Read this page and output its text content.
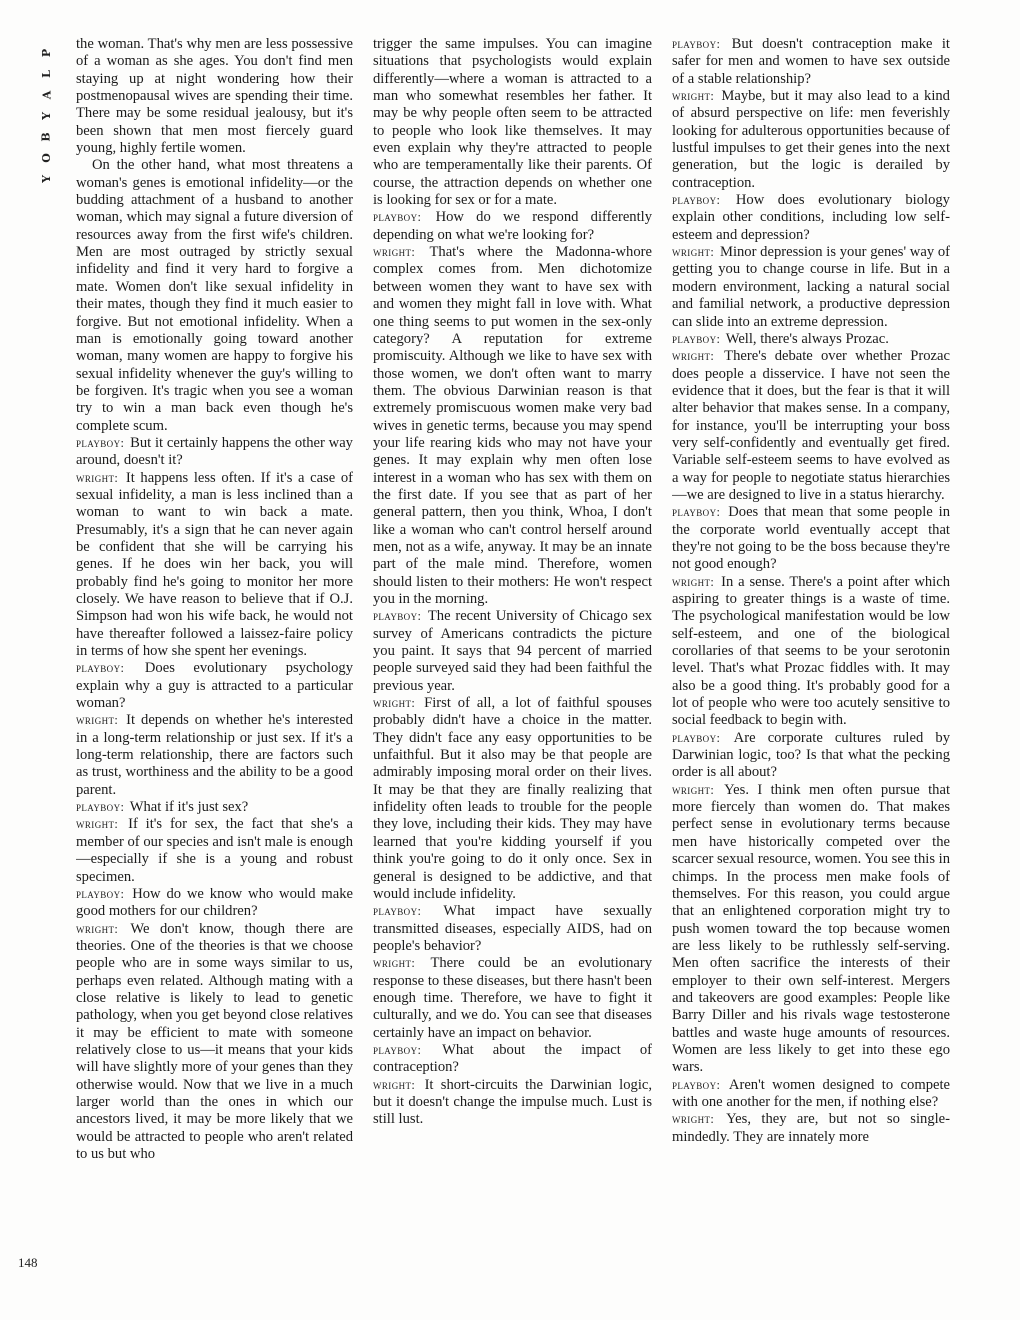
P
L
A
Y
B
O
Y
148

the woman. That's why men are less possessive of a woman as she ages. You don't find men staying up at night wondering how their postmenopausal wives are spending their time. There may be some residual jealousy, but it's been shown that men most fiercely guard young, highly fertile women.

On the other hand, what most threatens a woman's genes is emotional infidelity—or the budding attachment of a husband to another woman, which may signal a future diversion of resources away from the first wife's children. Men are most outraged by strictly sexual infidelity and find it very hard to forgive a mate. Women don't like sexual infidelity in their mates, though they find it much easier to forgive. But not emotional infidelity. When a man is emotionally going toward another woman, many women are happy to forgive his sexual infidelity whenever the guy's willing to be forgiven. It's tragic when you see a woman try to win a man back even though he's complete scum.

playboy: But it certainly happens the other way around, doesn't it?

wright: It happens less often. If it's a case of sexual infidelity, a man is less inclined than a woman to want to win back a mate. Presumably, it's a sign that he can never again be confident that she will be carrying his genes. If he does win her back, you will probably find he's going to monitor her more closely. We have reason to believe that if O.J. Simpson had won his wife back, he would not have thereafter followed a laissez-faire policy in terms of how she spent her evenings.

playboy: Does evolutionary psychology explain why a guy is attracted to a particular woman?

wright: It depends on whether he's interested in a long-term relationship or just sex. If it's a long-term relationship, there are factors such as trust, worthiness and the ability to be a good parent.

playboy: What if it's just sex?

wright: If it's for sex, the fact that she's a member of our species and isn't male is enough—especially if she is a young and robust specimen.

playboy: How do we know who would make good mothers for our children?

wright: We don't know, though there are theories. One of the theories is that we choose people who are in some ways similar to us, perhaps even related. Although mating with a close relative is likely to lead to genetic pathology, when you get beyond close relatives it may be efficient to mate with someone relatively close to us—it means that your kids will have slightly more of your genes than they otherwise would. Now that we live in a much larger world than the ones in which our ancestors lived, it may be more likely that we would be attracted to people who aren't related to us but who

trigger the same impulses. You can imagine situations that psychologists would explain differently—where a woman is attracted to a man who somewhat resembles her father. It may be why people often seem to be attracted to people who look like themselves. It may even explain why they're attracted to people who are temperamentally like their parents. Of course, the attraction depends on whether one is looking for sex or for a mate.

playboy: How do we respond differently depending on what we're looking for?

wright: That's where the Madonna-whore complex comes from. Men dichotomize between women they want to have sex with and women they might fall in love with. What one thing seems to put women in the sex-only category? A reputation for extreme promiscuity. Although we like to have sex with those women, we don't often want to marry them. The obvious Darwinian reason is that extremely promiscuous women make very bad wives in genetic terms, because you may spend your life rearing kids who may not have your genes. It may explain why men often lose interest in a woman who has sex with them on the first date. If you see that as part of her general pattern, then you think, Whoa, I don't like a woman who can't control herself around men, not as a wife, anyway. It may be an innate part of the male mind. Therefore, women should listen to their mothers: He won't respect you in the morning.

playboy: The recent University of Chicago sex survey of Americans contradicts the picture you paint. It says that 94 percent of married people surveyed said they had been faithful the previous year.

wright: First of all, a lot of faithful spouses probably didn't have a choice in the matter. They didn't face any easy opportunities to be unfaithful. But it also may be that people are admirably imposing moral order on their lives. It may be that they are finally realizing that infidelity often leads to trouble for the people they love, including their kids. They may have learned that you're kidding yourself if you think you're going to do it only once. Sex in general is designed to be addictive, and that would include infidelity.

playboy: What impact have sexually transmitted diseases, especially AIDS, had on people's behavior?

wright: There could be an evolutionary response to these diseases, but there hasn't been enough time. Therefore, we have to fight it culturally, and we do. You can see that diseases certainly have an impact on behavior.

playboy: What about the impact of contraception?

wright: It short-circuits the Darwinian logic, but it doesn't change the impulse much. Lust is still lust.

playboy: But doesn't contraception make it safer for men and women to have sex outside of a stable relationship?

wright: Maybe, but it may also lead to a kind of absurd perspective on life: men feverishly looking for adulterous opportunities because of lustful impulses to get their genes into the next generation, but the logic is derailed by contraception.

playboy: How does evolutionary biology explain other conditions, including low self-esteem and depression?

wright: Minor depression is your genes' way of getting you to change course in life. But in a modern environment, lacking a natural social and familial network, a productive depression can slide into an extreme depression.

playboy: Well, there's always Prozac.

wright: There's debate over whether Prozac does people a disservice. I have not seen the evidence that it does, but the fear is that it will alter behavior that makes sense. In a company, for instance, you'll be interrupting your boss very self-confidently and eventually get fired. Variable self-esteem seems to have evolved as a way for people to negotiate status hierarchies—we are designed to live in a status hierarchy.

playboy: Does that mean that some people in the corporate world eventually accept that they're not going to be the boss because they're not good enough?

wright: In a sense. There's a point after which aspiring to greater things is a waste of time. The psychological manifestation would be low self-esteem, and one of the biological corollaries of that seems to be your serotonin level. That's what Prozac fiddles with. It may also be a good thing. It's probably good for a lot of people who were too acutely sensitive to social feedback to begin with.

playboy: Are corporate cultures ruled by Darwinian logic, too? Is that what the pecking order is all about?

wright: Yes. I think men often pursue that more fiercely than women do. That makes perfect sense in evolutionary terms because men have historically competed over the scarcer sexual resource, women. You see this in chimps. In the process men make fools of themselves. For this reason, you could argue that an enlightened corporation might try to push women toward the top because women are less likely to be ruthlessly self-serving. Men often sacrifice the interests of their employer to their own self-interest. Mergers and takeovers are good examples: People like Barry Diller and his rivals wage testosterone battles and waste huge amounts of resources. Women are less likely to get into these ego wars.

playboy: Aren't women designed to compete with one another for the men, if nothing else?

wright: Yes, they are, but not so single-mindedly. They are innately more
